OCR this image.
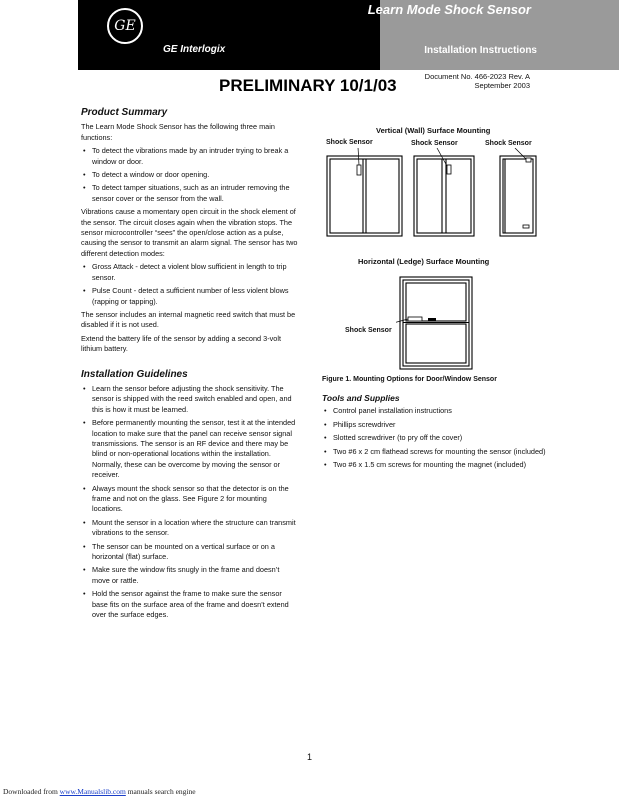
GE
GE Interlogix
Learn Mode Shock Sensor
Installation Instructions
PRELIMINARY 10/1/03	Document No. 466-2023 Rev. A
September 2003
Product Summary

The Learn Mode Shock Sensor has the following three main functions:

• To detect the vibrations made by an intruder trying to break a window or door.
• To detect a window or door opening.
• To detect tamper situations, such as an intruder removing the sensor cover or the sensor from the wall.

Vibrations cause a momentary open circuit in the shock element of the sensor. The circuit closes again when the vibration stops. The sensor microcontroller “sees” the open/close action as a pulse, causing the sensor to transmit an alarm signal. The sensor has two different detection modes:

• Gross Attack - detect a violent blow sufficient in length to trip sensor.
• Pulse Count - detect a sufficient number of less violent blows (rapping or tapping).

The sensor includes an internal magnetic reed switch that must be disabled if it is not used.

Extend the battery life of the sensor by adding a second 3-volt lithium battery.

Installation Guidelines
• Learn the sensor before adjusting the shock sensitivity. The sensor is shipped with the reed switch enabled and open, and this is how it must be learned.
• Before permanently mounting the sensor, test it at the intended location to make sure that the panel can receive sensor signal transmissions. The sensor is an RF device and there may be blind or non-operational locations within the installation. Normally, these can be overcome by moving the sensor or receiver.
• Always mount the shock sensor so that the detector is on the frame and not on the glass. See Figure 2 for mounting locations.
• Mount the sensor in a location where the structure can transmit vibrations to the sensor.
• The sensor can be mounted on a vertical surface or on a horizontal (flat) surface.
• Make sure the window fits snugly in the frame and doesn’t move or rattle.
• Hold the sensor against the frame to make sure the sensor base fits on the surface area of the frame and doesn’t extend over the surface edges.
Vertical (Wall) Surface Mounting
Shock Sensor	Shock Sensor	Shock Sensor
Horizontal (Ledge) Surface Mounting
Shock Sensor
Figure 1. Mounting Options for Door/Window Sensor
Tools and Supplies
• Control panel installation instructions
• Phillips screwdriver
• Slotted screwdriver (to pry off the cover)
• Two #6 x 2 cm flathead screws for mounting the sensor (included)
• Two #6 x 1.5 cm screws for mounting the magnet (included)
1
Downloaded from www.Manualslib.com manuals search engine
